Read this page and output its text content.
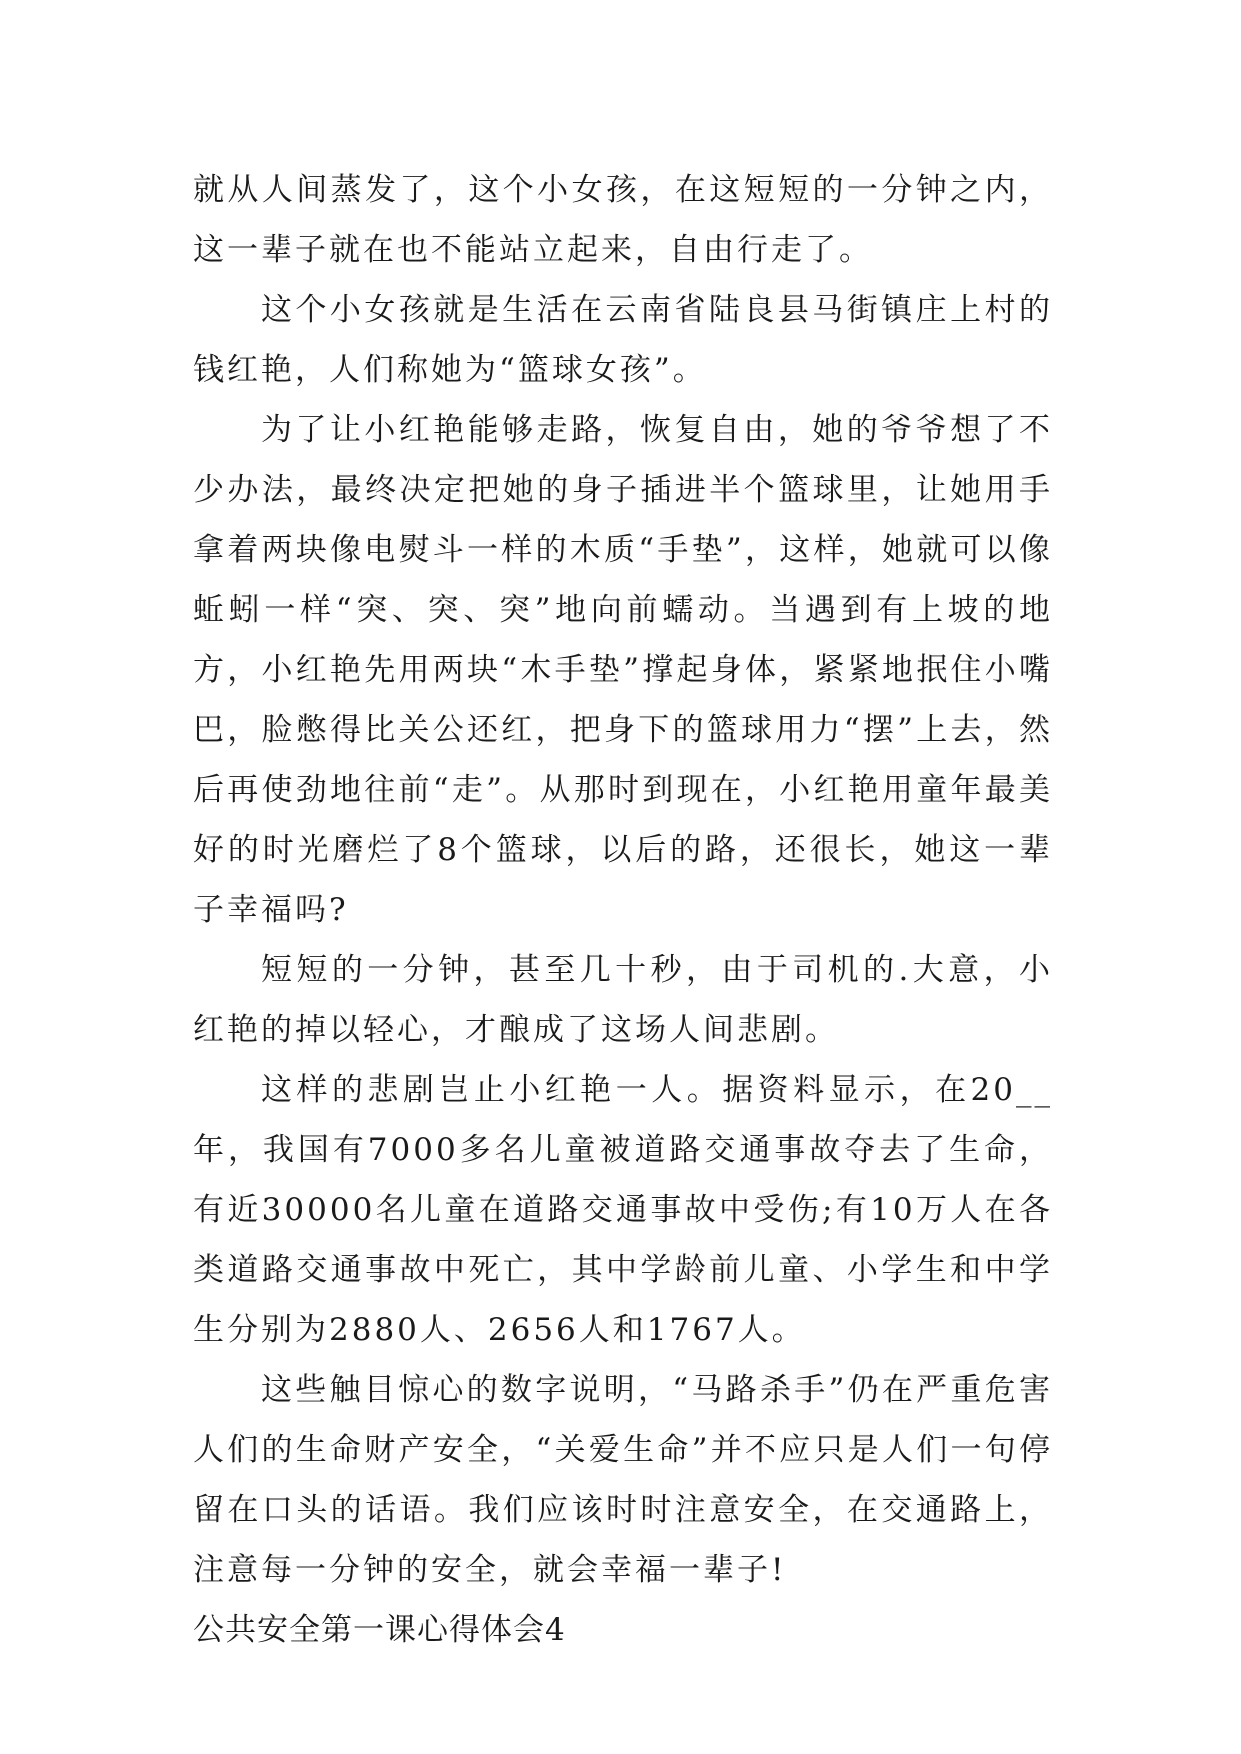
就从人间蒸发了，这个小女孩，在这短短的一分钟之内，这一辈子就在也不能站立起来，自由行走了。

这个小女孩就是生活在云南省陆良县马街镇庄上村的钱红艳，人们称她为“篮球女孩”。

为了让小红艳能够走路，恢复自由，她的爷爷想了不少办法，最终决定把她的身子插进半个篮球里，让她用手拿着两块像电熨斗一样的木质“手垫”，这样，她就可以像蚯蚓一样“突、突、突”地向前蠕动。当遇到有上坡的地方，小红艳先用两块“木手垫”撑起身体，紧紧地抿住小嘴巴，脸憋得比关公还红，把身下的篮球用力“摆”上去，然后再使劲地往前“走”。从那时到现在，小红艳用童年最美好的时光磨烂了8个篮球，以后的路，还很长，她这一辈子幸福吗?

短短的一分钟，甚至几十秒，由于司机的.大意，小红艳的掉以轻心，才酿成了这场人间悲剧。

这样的悲剧岂止小红艳一人。据资料显示，在20__年，我国有7000多名儿童被道路交通事故夺去了生命，有近30000名儿童在道路交通事故中受伤;有10万人在各类道路交通事故中死亡，其中学龄前儿童、小学生和中学生分别为2880人、2656人和1767人。

这些触目惊心的数字说明，“马路杀手”仍在严重危害人们的生命财产安全，“关爱生命”并不应只是人们一句停留在口头的话语。我们应该时时注意安全，在交通路上，注意每一分钟的安全，就会幸福一辈子!

公共安全第一课心得体会4
